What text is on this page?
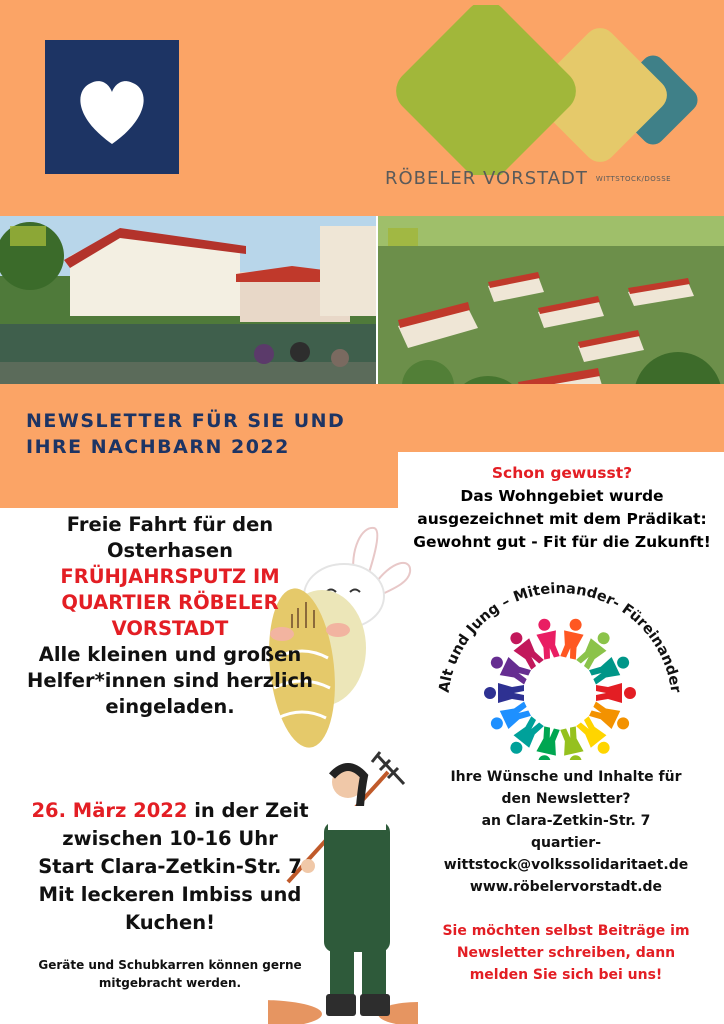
RÖBELER VORSTADT WITTSTOCK/DOSSE
NEWSLETTER FÜR SIE UND
IHRE NACHBARN 2022
Schon gewusst?
Das Wohngebiet wurde
ausgezeichnet mit dem Prädikat:
Gewohnt gut - Fit für die Zukunft!

Freie Fahrt für den

Osterhasen

FRÜHJAHRSPUTZ IM

QUARTIER RÖBELER

VORSTADT

Alle kleinen und großen

Helfer*innen sind herzlich

eingeladen.

26. März 2022 in der Zeit
zwischen 10-16 Uhr
Start Clara-Zetkin-Str. 7
Mit leckeren Imbiss und
Kuchen!
Geräte und Schubkarren können gerne
mitgebracht werden.
Alt und Jung – Miteinander- Füreinander
Ihre Wünsche und Inhalte für
den Newsletter?
an Clara-Zetkin-Str. 7
quartier-
wittstock@volkssolidaritaet.de
www.röbelervorstadt.de
Sie möchten selbst Beiträge im
Newsletter schreiben, dann
melden Sie sich bei uns!
